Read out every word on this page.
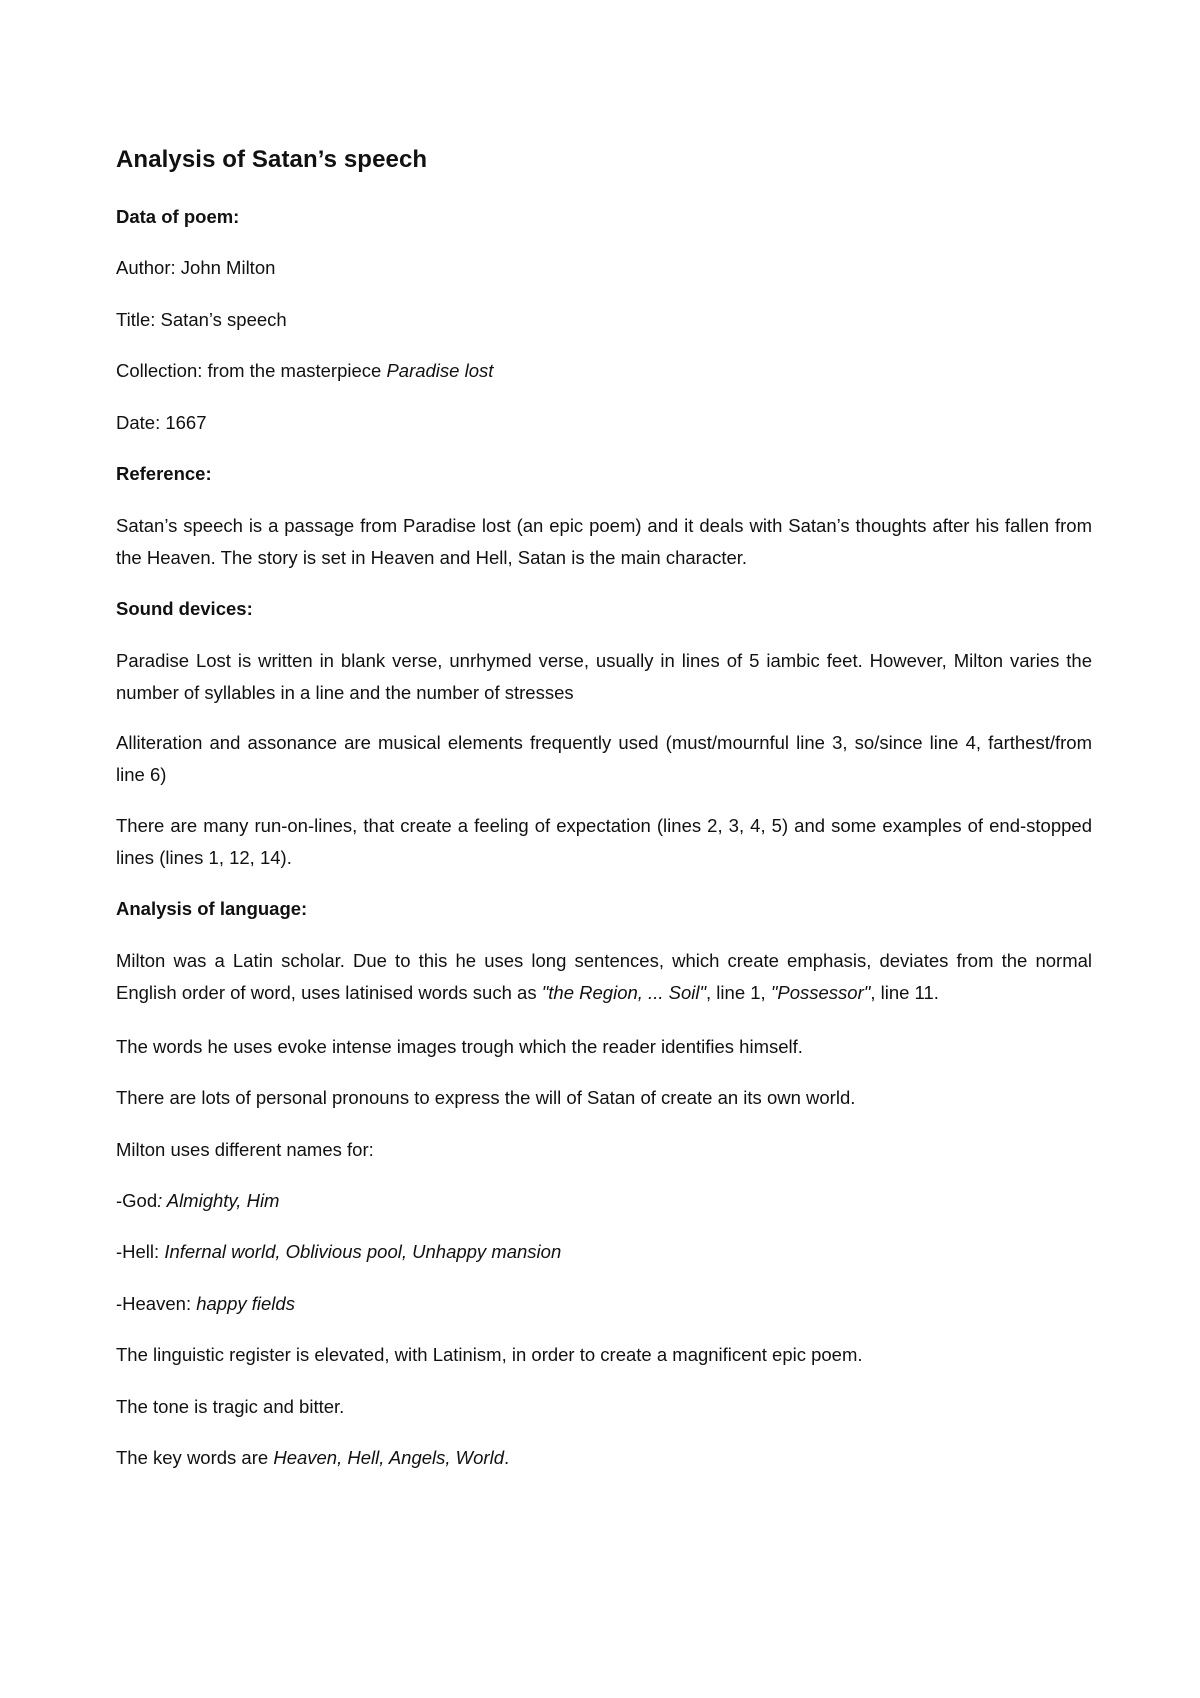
Analysis of Satan’s speech

Data of poem:

Author: John Milton

Title: Satan’s speech

Collection: from the masterpiece Paradise lost

Date: 1667

Reference:

Satan’s speech is a passage from Paradise lost (an epic poem) and it deals with Satan’s thoughts after his fallen from the Heaven. The story is set in Heaven and Hell, Satan is the main character.

Sound devices:

Paradise Lost is written in blank verse, unrhymed verse, usually in lines of 5 iambic feet. However, Milton varies the number of syllables in a line and the number of stresses

Alliteration and assonance are musical elements frequently used (must/mournful line 3, so/since line 4, farthest/from line 6)

There are many run-on-lines, that create a feeling of expectation (lines 2, 3, 4, 5) and some examples of end-stopped lines (lines 1, 12, 14).

Analysis of language:

Milton was a Latin scholar. Due to this he uses long sentences, which create emphasis, deviates from the normal English order of word, uses latinised words such as "the Region, ... Soil", line 1, "Possessor", line 11.

The words he uses evoke intense images trough which the reader identifies himself.

There are lots of personal pronouns to express the will of Satan of create an its own world.

Milton uses different names for:

-God: Almighty, Him

-Hell: Infernal world, Oblivious pool, Unhappy mansion

-Heaven: happy fields

The linguistic register is elevated, with Latinism, in order to create a magnificent epic poem.

The tone is tragic and bitter.

The key words are Heaven, Hell, Angels, World.
